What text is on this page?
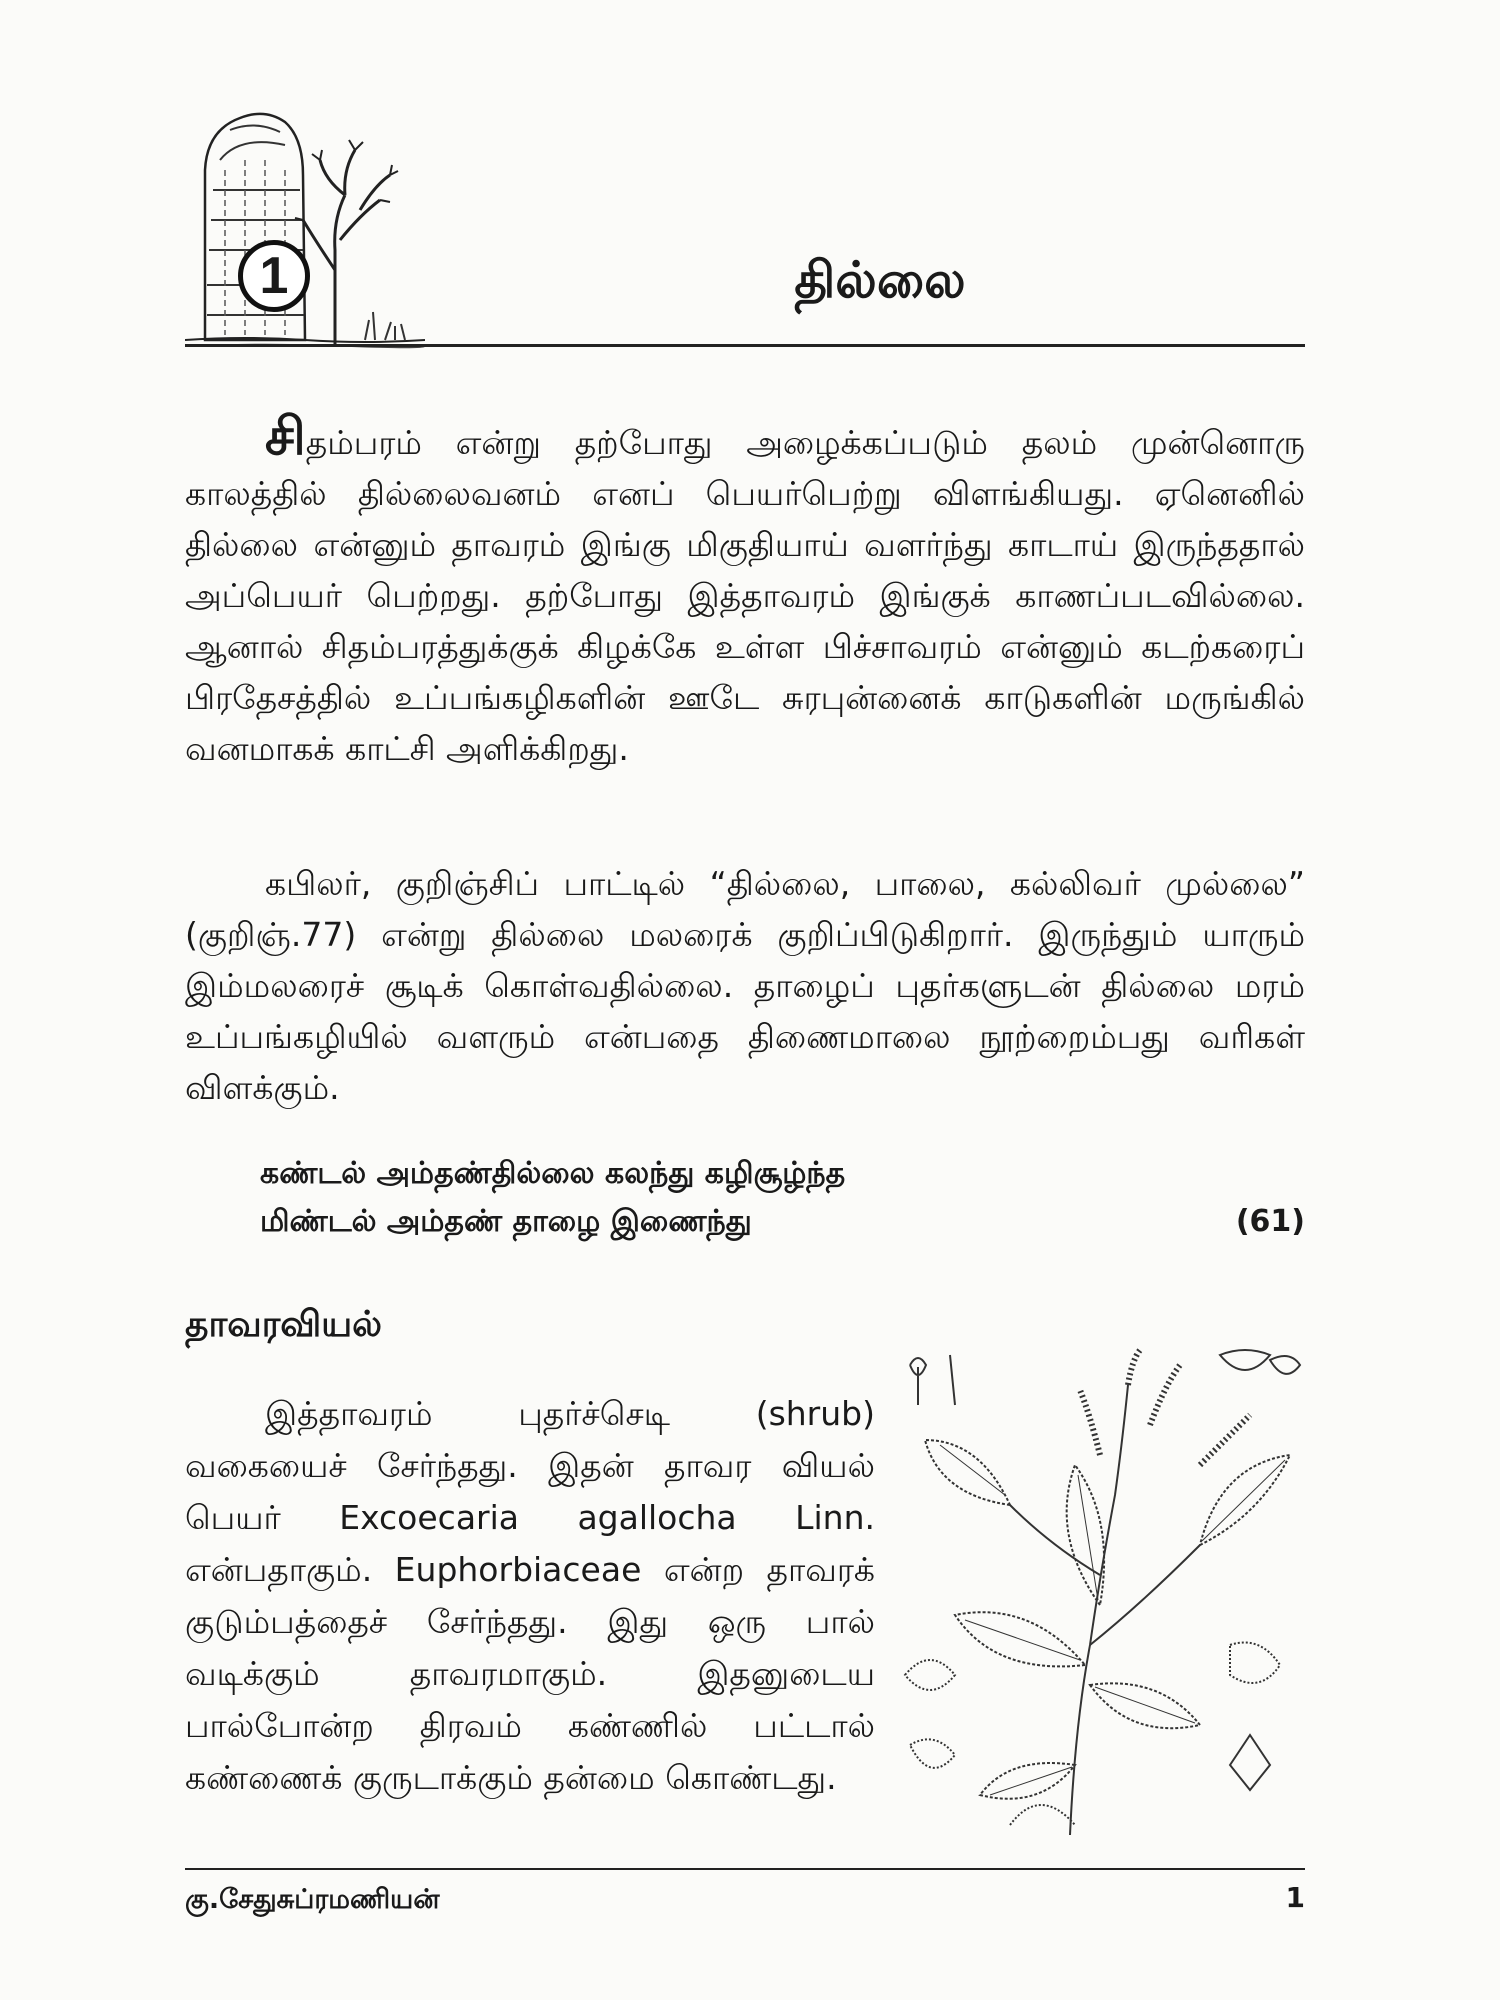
1	தில்லை

சிதம்பரம் என்று தற்போது அழைக்கப்படும் தலம் முன்னொரு காலத்தில் தில்லைவனம் எனப் பெயர்பெற்று விளங்கியது. ஏனெனில் தில்லை என்னும் தாவரம் இங்கு மிகுதியாய் வளர்ந்து காடாய் இருந்ததால் அப்பெயர் பெற்றது. தற்போது இத்தாவரம் இங்குக் காணப்படவில்லை. ஆனால் சிதம்பரத்துக்குக் கிழக்கே உள்ள பிச்சாவரம் என்னும் கடற்கரைப் பிரதேசத்தில் உப்பங்கழிகளின் ஊடே சுரபுன்னைக் காடுகளின் மருங்கில் வனமாகக் காட்சி அளிக்கிறது.

கபிலர், குறிஞ்சிப் பாட்டில் “தில்லை, பாலை, கல்லிவர் முல்லை” (குறிஞ்.77) என்று தில்லை மலரைக் குறிப்பிடுகிறார். இருந்தும் யாரும் இம்மலரைச் சூடிக் கொள்வதில்லை. தாழைப் புதர்களுடன் தில்லை மரம் உப்பங்கழியில் வளரும் என்பதை திணைமாலை நூற்றைம்பது வரிகள் விளக்கும்.

கண்டல் அம்தண்தில்லை கலந்து கழிசூழ்ந்த
மிண்டல் அம்தண் தாழை இணைந்து	(61)
தாவரவியல்

இத்தாவரம் புதர்ச்செடி (shrub) வகையைச் சேர்ந்தது. இதன் தாவர வியல் பெயர் Excoecaria agallocha Linn. என்பதாகும். Euphorbiaceae என்ற தாவரக் குடும்பத்தைச் சேர்ந்தது. இது ஒரு பால் வடிக்கும் தாவரமாகும். இதனுடைய பால்போன்ற திரவம் கண்ணில் பட்டால் கண்ணைக் குருடாக்கும் தன்மை கொண்டது.

கு.சேதுசுப்ரமணியன்	1
